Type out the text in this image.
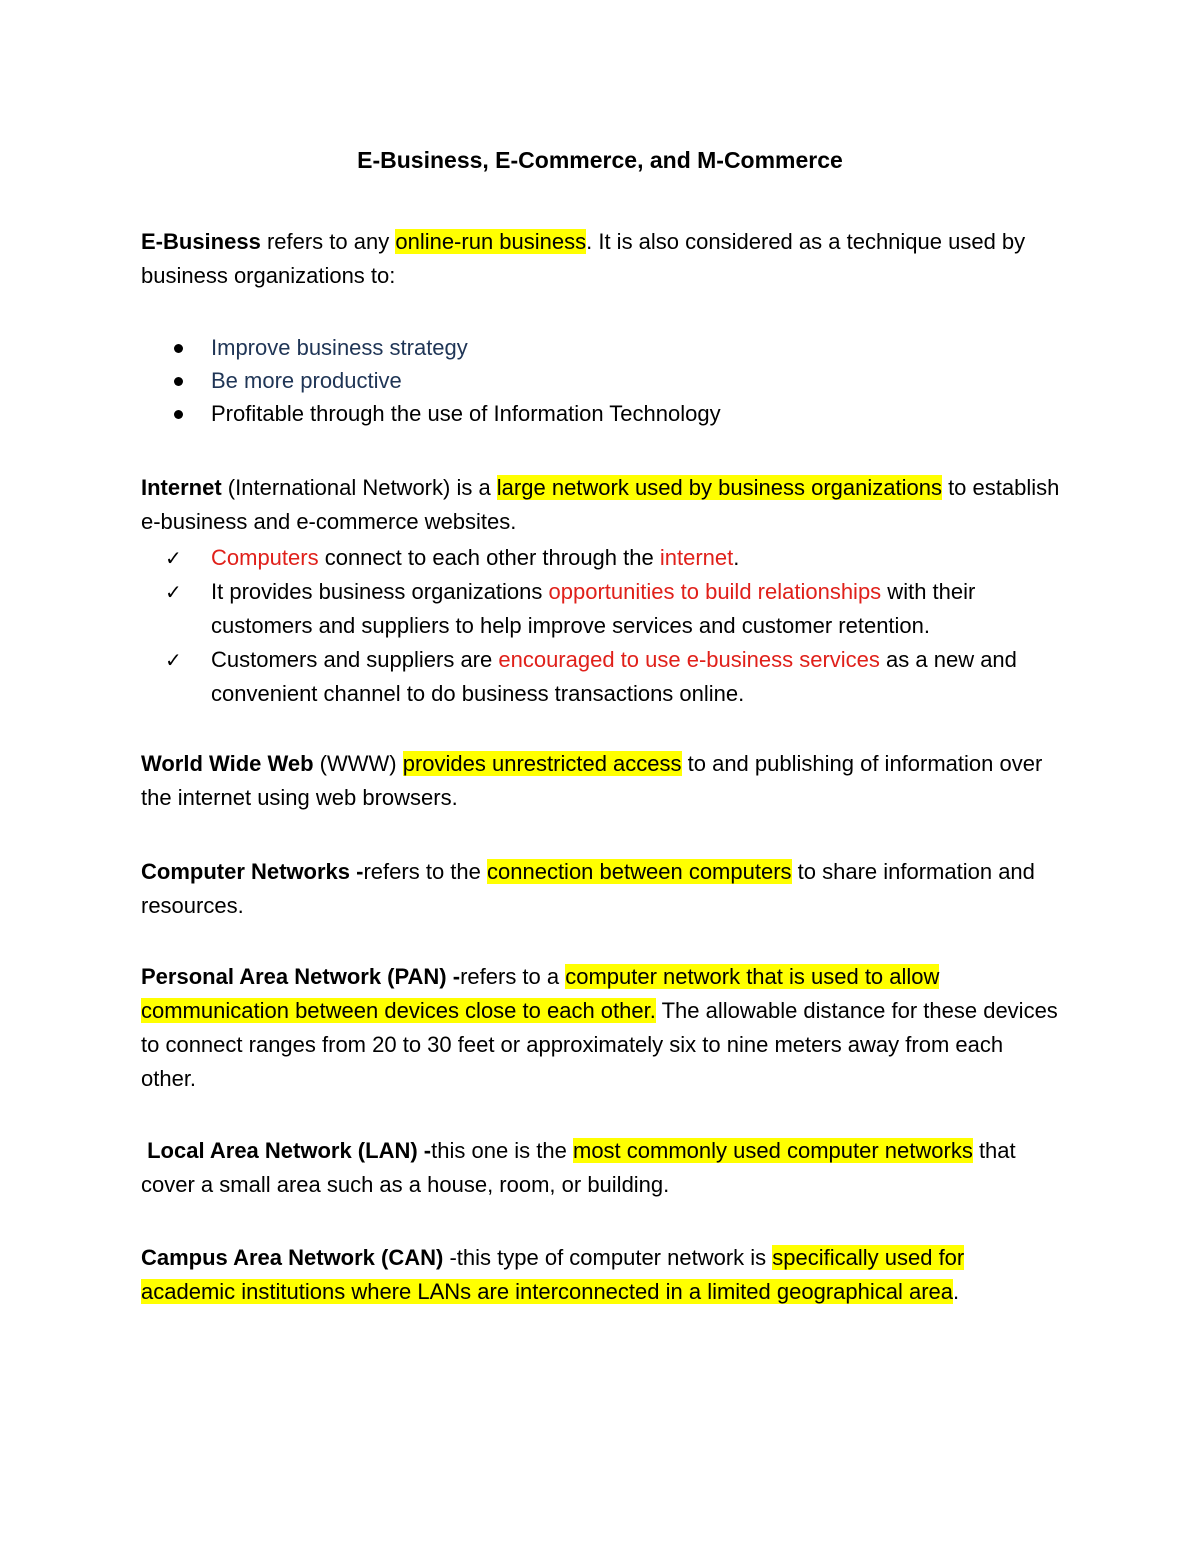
E-Business, E-Commerce, and M-Commerce
E-Business refers to any online-run business. It is also considered as a technique used by business organizations to:
Improve business strategy
Be more productive
Profitable through the use of Information Technology
Internet (International Network) is a large network used by business organizations to establish e-business and e-commerce websites.
✓ Computers connect to each other through the internet.
✓ It provides business organizations opportunities to build relationships with their customers and suppliers to help improve services and customer retention.
✓ Customers and suppliers are encouraged to use e-business services as a new and convenient channel to do business transactions online.
World Wide Web (WWW) provides unrestricted access to and publishing of information over the internet using web browsers.
Computer Networks -refers to the connection between computers to share information and resources.
Personal Area Network (PAN) -refers to a computer network that is used to allow communication between devices close to each other. The allowable distance for these devices to connect ranges from 20 to 30 feet or approximately six to nine meters away from each other.
Local Area Network (LAN) -this one is the most commonly used computer networks that cover a small area such as a house, room, or building.
Campus Area Network (CAN) -this type of computer network is specifically used for academic institutions where LANs are interconnected in a limited geographical area.
